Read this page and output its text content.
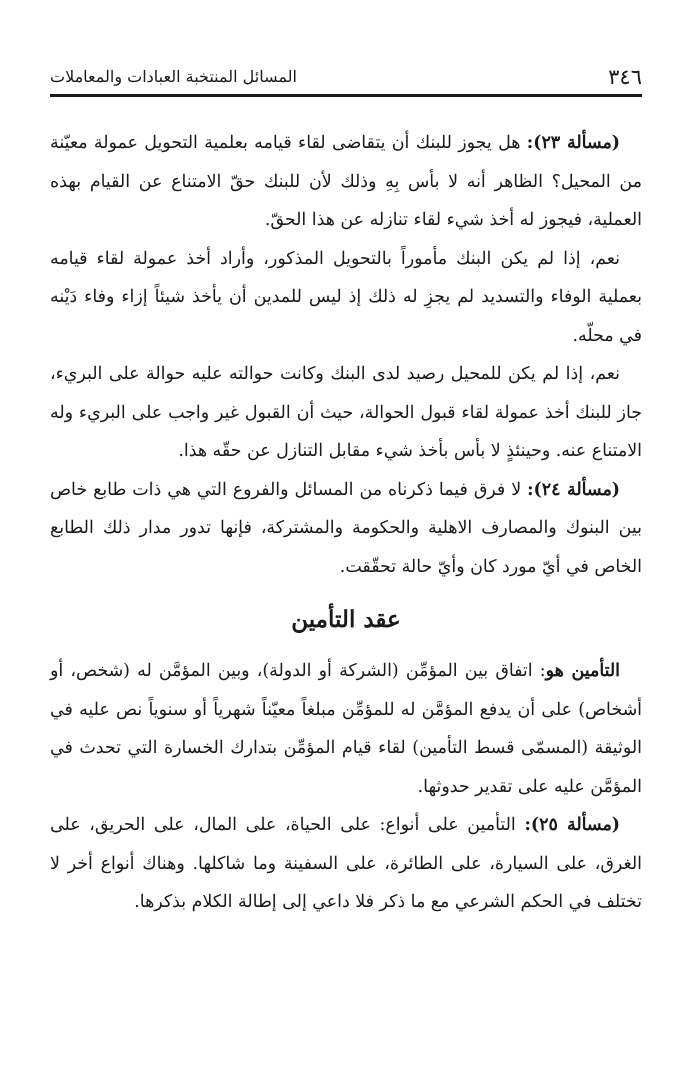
٣٤٦
المسائل المنتخبة العبادات والمعاملات

(مسألة ٢٣): هل يجوز للبنك أن يتقاضى لقاء قيامه بعلمية التحويل عمولة معيّنة من المحيل؟ الظاهر أنه لا بأس بِهِ وذلك لأن للبنك حقّ الامتناع عن القيام بهذه العملية، فيجوز له أخذ شيء لقاء تنازله عن هذا الحقّ.

نعم، إذا لم يكن البنك مأموراً بالتحويل المذكور، وأراد أخذ عمولة لقاء قيامه بعملية الوفاء والتسديد لم يجزِ له ذلك إذ ليس للمدين أن يأخذ شيئاً إزاء وفاء دَيْنه في محلّه.

نعم، إذا لم يكن للمحيل رصيد لدى البنك وكانت حوالته عليه حوالة على البريء، جاز للبنك أخذ عمولة لقاء قبول الحوالة، حيث أن القبول غير واجب على البريء وله الامتناع عنه. وحينئذٍ لا بأس بأخذ شيء مقابل التنازل عن حقّه هذا.

(مسألة ٢٤): لا فرق فيما ذكرناه من المسائل والفروع التي هي ذات طابع خاص بين البنوك والمصارف الاهلية والحكومة والمشتركة، فإنها تدور مدار ذلك الطابع الخاص في أيّ مورد كان وأيّ حالة تحقّقت.

عقد التأمين

التأمين هو: اتفاق بين المؤمِّن (الشركة أو الدولة)، وبين المؤمَّن له (شخص، أو أشخاص) على أن يدفع المؤمَّن له للمؤمِّن مبلغاً معيّناً شهرياً أو سنوياً نص عليه في الوثيقة (المسمّى قسط التأمين) لقاء قيام المؤمِّن بتدارك الخسارة التي تحدث في المؤمَّن عليه على تقدير حدوثها.

(مسألة ٢٥): التأمين على أنواع: على الحياة، على المال، على الحريق، على الغرق، على السيارة، على الطائرة، على السفينة وما شاكلها. وهناك أنواع أخر لا تختلف في الحكم الشرعي مع ما ذكر فلا داعي إلى إطالة الكلام بذكرها.
